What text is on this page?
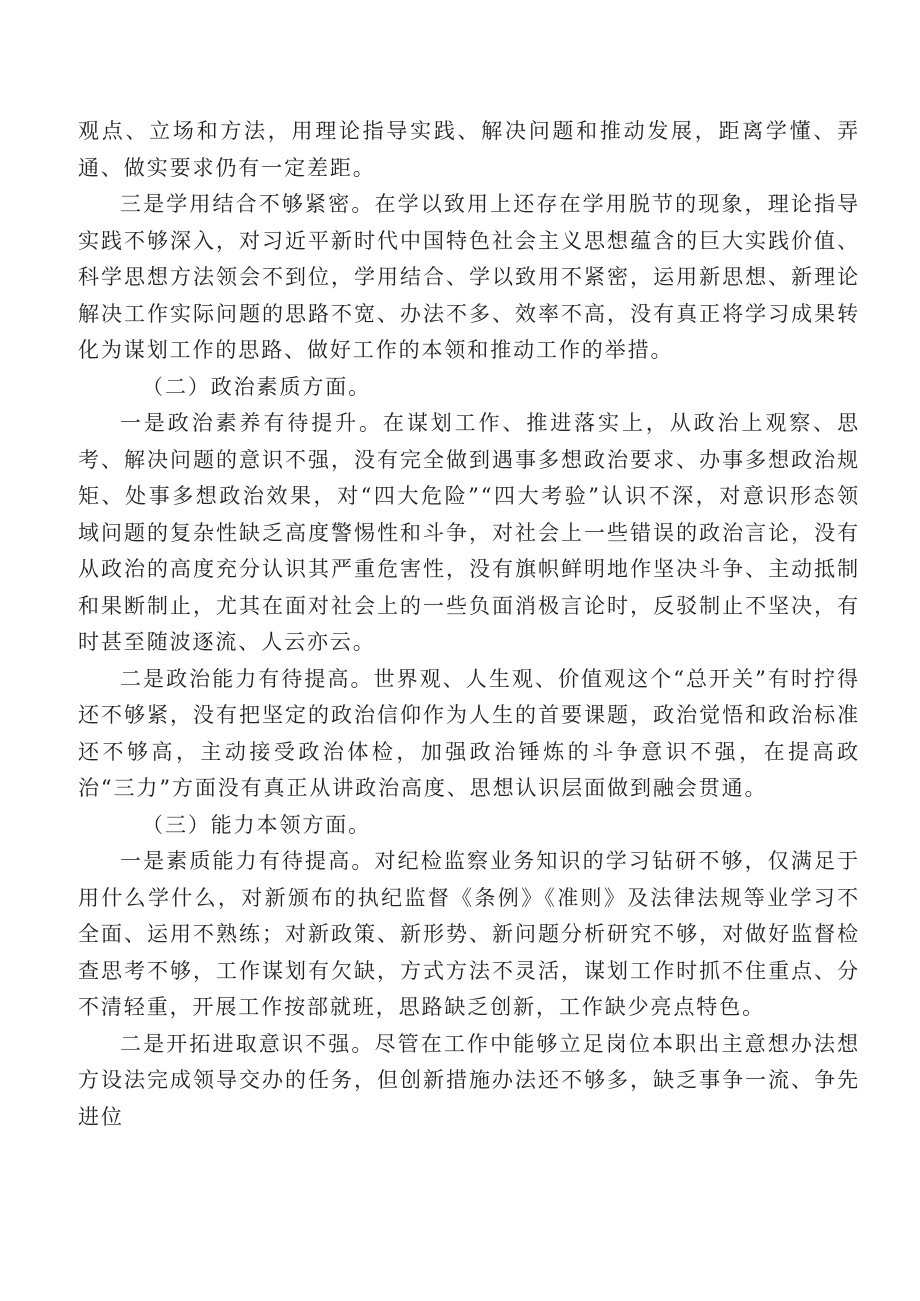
观点、立场和方法，用理论指导实践、解决问题和推动发展，距离学懂、弄通、做实要求仍有一定差距。

三是学用结合不够紧密。在学以致用上还存在学用脱节的现象，理论指导实践不够深入，对习近平新时代中国特色社会主义思想蕴含的巨大实践价值、科学思想方法领会不到位，学用结合、学以致用不紧密，运用新思想、新理论解决工作实际问题的思路不宽、办法不多、效率不高，没有真正将学习成果转化为谋划工作的思路、做好工作的本领和推动工作的举措。

（二）政治素质方面。

一是政治素养有待提升。在谋划工作、推进落实上，从政治上观察、思考、解决问题的意识不强，没有完全做到遇事多想政治要求、办事多想政治规矩、处事多想政治效果，对“四大危险”“四大考验”认识不深，对意识形态领域问题的复杂性缺乏高度警惕性和斗争，对社会上一些错误的政治言论，没有从政治的高度充分认识其严重危害性，没有旗帜鲜明地作坚决斗争、主动抵制和果断制止，尤其在面对社会上的一些负面消极言论时，反驳制止不坚决，有时甚至随波逐流、人云亦云。

二是政治能力有待提高。世界观、人生观、价值观这个“总开关”有时拧得还不够紧，没有把坚定的政治信仰作为人生的首要课题，政治觉悟和政治标准还不够高，主动接受政治体检，加强政治锤炼的斗争意识不强，在提高政治“三力”方面没有真正从讲政治高度、思想认识层面做到融会贯通。

（三）能力本领方面。

一是素质能力有待提高。对纪检监察业务知识的学习钻研不够，仅满足于用什么学什么，对新颁布的执纪监督《条例》《准则》及法律法规等业学习不全面、运用不熟练；对新政策、新形势、新问题分析研究不够，对做好监督检查思考不够，工作谋划有欠缺，方式方法不灵活，谋划工作时抓不住重点、分不清轻重，开展工作按部就班，思路缺乏创新，工作缺少亮点特色。

二是开拓进取意识不强。尽管在工作中能够立足岗位本职出主意想办法想方设法完成领导交办的任务，但创新措施办法还不够多，缺乏事争一流、争先进位
